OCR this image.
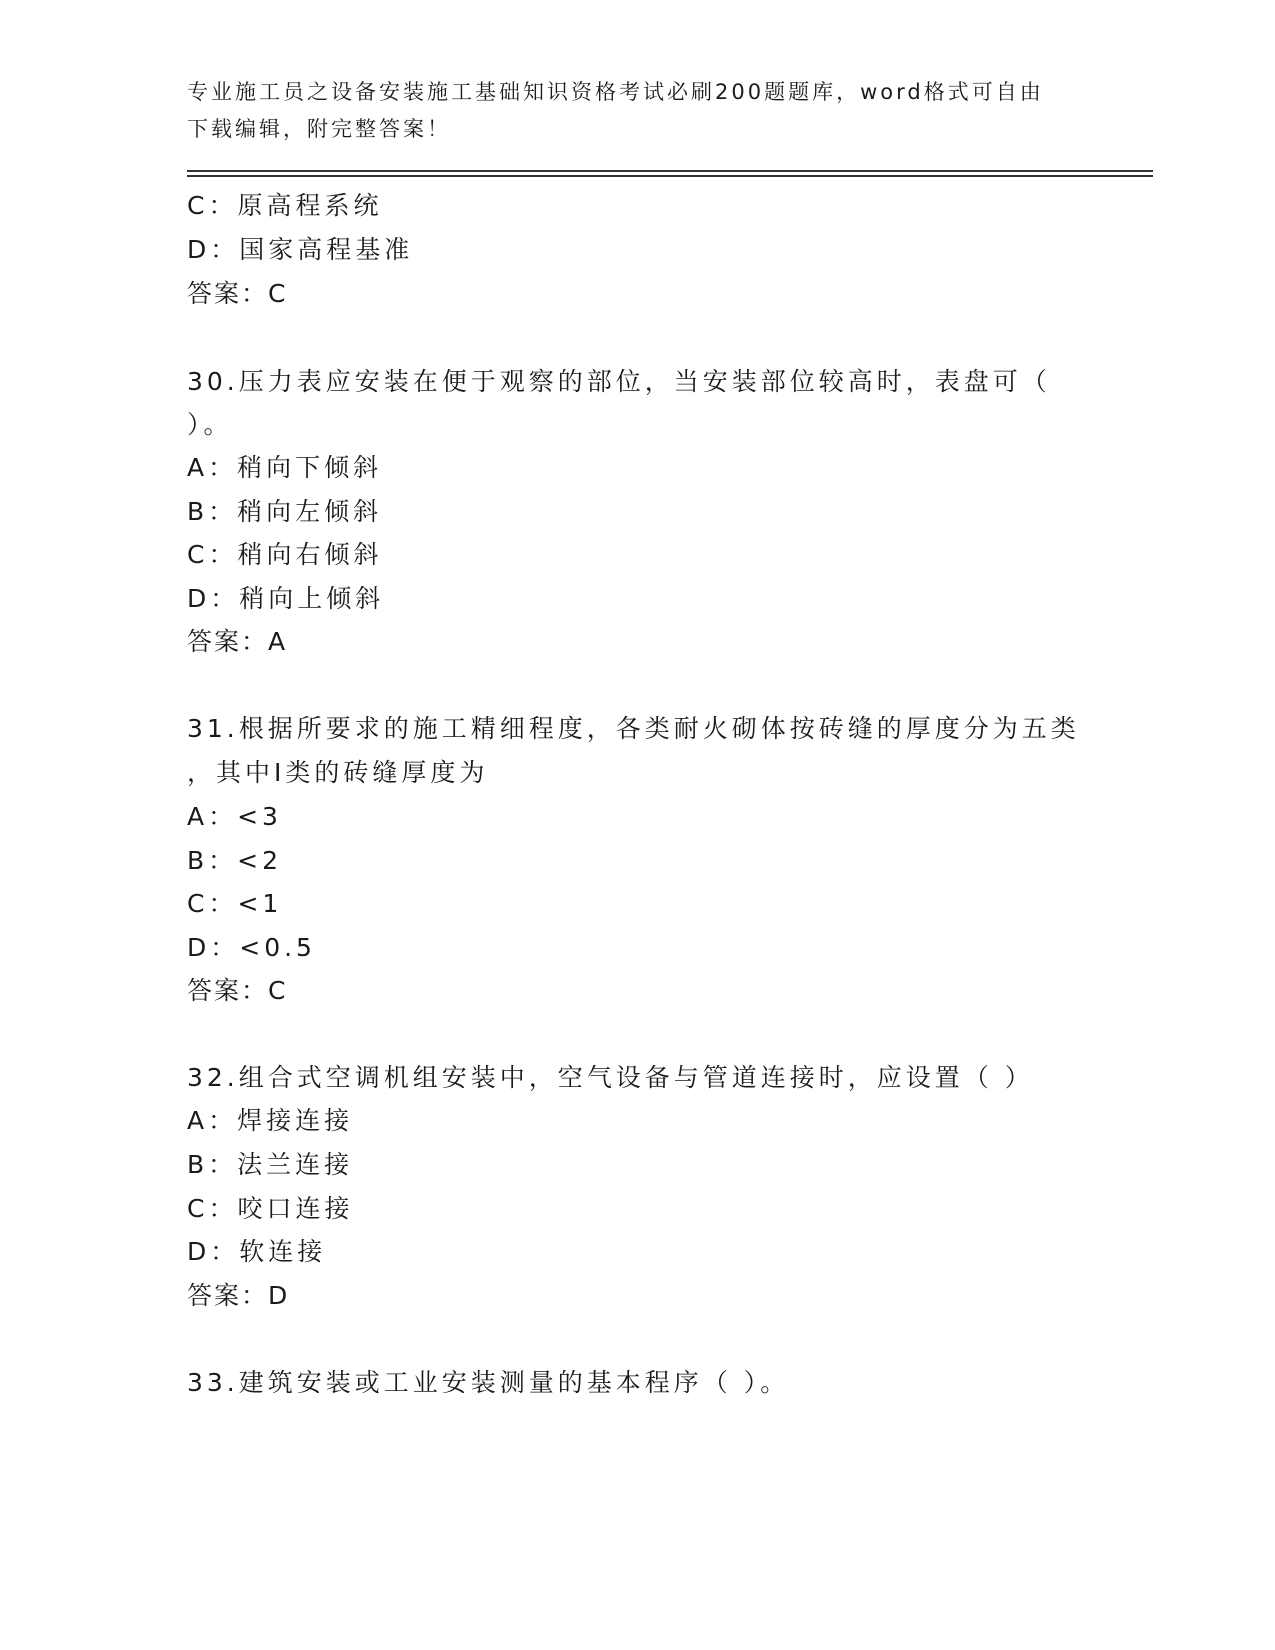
专业施工员之设备安装施工基础知识资格考试必刷200题题库，word格式可自由
下载编辑，附完整答案！
C：原高程系统
D：国家高程基准
答案：C
30.压力表应安装在便于观察的部位，当安装部位较高时，表盘可（
）。
A：稍向下倾斜
B：稍向左倾斜
C：稍向右倾斜
D：稍向上倾斜
答案：A
31.根据所要求的施工精细程度，各类耐火砌体按砖缝的厚度分为五类
，其中Ⅰ类的砖缝厚度为
A：<3
B：<2
C：<1
D：<0.5
答案：C
32.组合式空调机组安装中，空气设备与管道连接时，应设置（ ）
A：焊接连接
B：法兰连接
C：咬口连接
D：软连接
答案：D
33.建筑安装或工业安装测量的基本程序（ ）。
